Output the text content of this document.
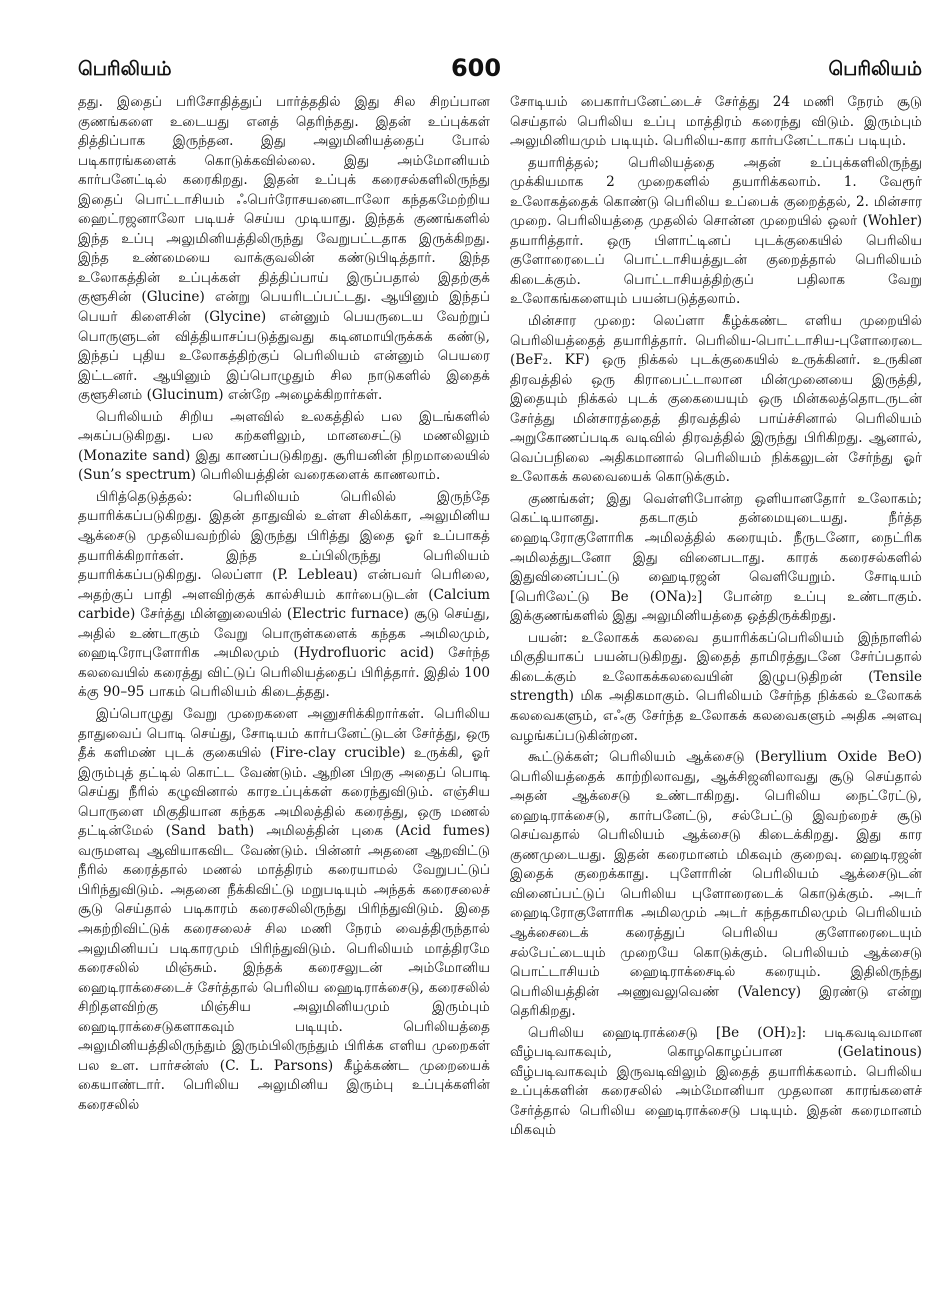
பெரிலியம்	600	பெரிலியம்

தது. இதைப் பரிசோதித்துப் பார்த்ததில் இது சில சிறப்பான குணங்களை உடையது எனத் தெரிந்தது. இதன் உப்புக்கள் தித்திப்பாக இருந்தன. இது அலுமினியத்தைப் போல் படிகாரங்களைக் கொடுக்கவில்லை. இது அம்மோனியம் கார்பனேட்டில் கரைகிறது. இதன் உப்புக் கரைசல்களிலிருந்து இதைப் பொட்டாசியம் ஃபெர்ரோசயனைடாலோ கந்தகமேற்றிய ஹைட்ரஜனாலோ படியச் செய்ய முடியாது. இந்தக் குணங்களில் இந்த உப்பு அலுமினியத்திலிருந்து வேறுபட்டதாக இருக்கிறது. இந்த உண்மையை வாக்குவலின் கண்டுபிடித்தார். இந்த உலோகத்தின் உப்புக்கள் தித்திப்பாய் இருப்பதால் இதற்குக் குளூசின் (Glucine) என்று பெயரிடப்பட்டது. ஆயினும் இந்தப் பெயர் கிளைசின் (Glycine) என்னும் பெயருடைய வேற்றுப் பொருளுடன் வித்தியாசப்படுத்துவது கடினமாயிருக்கக் கண்டு, இந்தப் புதிய உலோகத்திற்குப் பெரிலியம் என்னும் பெயரை இட்டனர். ஆயினும் இப்பொழுதும் சில நாடுகளில் இதைக் குளூசினம் (Glucinum) என்றே அழைக்கிறார்கள்.

பெரிலியம் சிறிய அளவில் உலகத்தில் பல இடங்களில் அகப்படுகிறது. பல கற்களிலும், மானசைட்டு மணலிலும் (Monazite sand) இது காணப்படுகிறது. சூரியனின் நிறமாலையில் (Sun’s spectrum) பெரிலியத்தின் வரைகளைக் காணலாம்.

பிரித்தெடுத்தல்: பெரிலியம் பெரிலில் இருந்தே தயாரிக்கப்படுகிறது. இதன் தாதுவில் உள்ள சிலிக்கா, அலுமினிய ஆக்சைடு முதலியவற்றில் இருந்து பிரித்து இதை ஓர் உப்பாகத் தயாரிக்கிறார்கள். இந்த உப்பிலிருந்து பெரிலியம் தயாரிக்கப்படுகிறது. லெப்ளா (P. Lebleau) என்பவர் பெரிலை, அதற்குப் பாதி அளவிற்குக் கால்சியம் கார்பைடுடன் (Calcium carbide) சேர்த்து மின்னுலையில் (Electric furnace) சூடு செய்து, அதில் உண்டாகும் வேறு பொருள்களைக் கந்தக அமிலமும், ஹைடிரோபுளோரிக அமிலமும் (Hydrofluoric acid) சேர்ந்த கலவையில் கரைத்து விட்டுப் பெரிலியத்தைப் பிரித்தார். இதில் 100 க்கு 90–95 பாகம் பெரிலியம் கிடைத்தது.

இப்பொழுது வேறு முறைகளை அனுசரிக்கிறார்கள். பெரிலிய தாதுவைப் பொடி செய்து, சோடியம் கார்பனேட்டுடன் சேர்த்து, ஒரு தீக் களிமண் புடக் குகையில் (Fire-clay crucible) உருக்கி, ஓர் இரும்புத் தட்டில் கொட்ட வேண்டும். ஆறின பிறகு அதைப் பொடி செய்து நீரில் கழுவினால் காரஉப்புக்கள் கரைந்துவிடும். எஞ்சிய பொருளை மிகுதியான கந்தக அமிலத்தில் கரைத்து, ஒரு மணல் தட்டின்மேல் (Sand bath) அமிலத்தின் புகை (Acid fumes) வருமளவு ஆவியாகவிட வேண்டும். பின்னர் அதனை ஆறவிட்டு நீரில் கரைத்தால் மணல் மாத்திரம் கரையாமல் வேறுபட்டுப் பிரிந்துவிடும். அதனை நீக்கிவிட்டு மறுபடியும் அந்தக் கரைசலைச் சூடு செய்தால் படிகாரம் கரைசலிலிருந்து பிரிந்துவிடும். இதை அகற்றிவிட்டுக் கரைசலைச் சில மணி நேரம் வைத்திருந்தால் அலுமினியப் படிகாரமும் பிரிந்துவிடும். பெரிலியம் மாத்திரமே கரைசலில் மிஞ்சும். இந்தக் கரைசலுடன் அம்மோனிய ஹைடிராக்சைடைச் சேர்த்தால் பெரிலிய ஹைடிராக்சைடு, கரைசலில் சிறிதளவிற்கு மிஞ்சிய அலுமினியமும் இரும்பும் ஹைடிராக்சைடுகளாகவும் படியும். பெரிலியத்தை அலுமினியத்திலிருந்தும் இரும்பிலிருந்தும் பிரிக்க எளிய முறைகள் பல உள. பார்சன்ஸ் (C. L. Parsons) கீழ்க்கண்ட முறையைக் கையாண்டார். பெரிலிய அலுமினிய இரும்பு உப்புக்களின் கரைசலில்

சோடியம் பைகார்பனேட்டைச் சேர்த்து 24 மணி நேரம் சூடு செய்தால் பெரிலிய உப்பு மாத்திரம் கரைந்து விடும். இரும்பும் அலுமினியமும் படியும். பெரிலிய-கார கார்பனேட்டாகப் படியும்.

தயாரித்தல்; பெரிலியத்தை அதன் உப்புக்களிலிருந்து முக்கியமாக 2 முறைகளில் தயாரிக்கலாம். 1. வேரூர் உலோகத்தைக் கொண்டு பெரிலிய உப்பைக் குறைத்தல், 2. மின்சார முறை. பெரிலியத்தை முதலில் சொன்ன முறையில் ஒலர் (Wohler) தயாரித்தார். ஒரு பிளாட்டினப் புடக்குகையில் பெரிலிய குளோரைடைப் பொட்டாசியத்துடன் குறைத்தால் பெரிலியம் கிடைக்கும். பொட்டாசியத்திற்குப் பதிலாக வேறு உலோகங்களையும் பயன்படுத்தலாம்.

மின்சார முறை: லெப்ளா கீழ்க்கண்ட எளிய முறையில் பெரிலியத்தைத் தயாரித்தார். பெரிலிய-பொட்டாசிய-புளோரைடை (BeF₂. KF) ஒரு நிக்கல் புடக்குகையில் உருக்கினர். உருகின திரவத்தில் ஒரு கிராபைட்டாலான மின்முனையை இருத்தி, இதையும் நிக்கல் புடக் குகையையும் ஒரு மின்கலத்தொடருடன் சேர்த்து மின்சாரத்தைத் திரவத்தில் பாய்ச்சினால் பெரிலியம் அறுகோணப்படிக வடிவில் திரவத்தில் இருந்து பிரிகிறது. ஆனால், வெப்பநிலை அதிகமானால் பெரிலியம் நிக்கலுடன் சேர்ந்து ஓர் உலோகக் கலவையைக் கொடுக்கும்.

குணங்கள்; இது வெள்ளிபோன்ற ஒளியானதோர் உலோகம்; கெட்டியானது. தகடாகும் தன்மையுடையது. நீர்த்த ஹைடிரோகுளோரிக அமிலத்தில் கரையும். நீருடனோ, நைட்ரிக அமிலத்துடனோ இது வினைபடாது. காரக் கரைசல்களில் இதுவினைப்பட்டு ஹைடிரஜன் வெளியேறும். சோடியம் [பெரிலேட்டு Be (ONa)₂] போன்ற உப்பு உண்டாகும். இக்குணங்களில் இது அலுமினியத்தை ஒத்திருக்கிறது.

பயன்: உலோகக் கலவை தயாரிக்கப்பெரிலியம் இந்நாளில் மிகுதியாகப் பயன்படுகிறது. இதைத் தாமிரத்துடனே சேர்ப்பதால் கிடைக்கும் உலோகக்கலவையின் இழுபடுதிறன் (Tensile strength) மிக அதிகமாகும். பெரிலியம் சேர்ந்த நிக்கல் உலோகக் கலவைகளும், எஃகு சேர்ந்த உலோகக் கலவைகளும் அதிக அளவு வழங்கப்படுகின்றன.

கூட்டுக்கள்; பெரிலியம் ஆக்சைடு (Beryllium Oxide BeO) பெரிலியத்தைக் காற்றிலாவது, ஆக்சிஜனிலாவது சூடு செய்தால் அதன் ஆக்சைடு உண்டாகிறது. பெரிலிய நைட்ரேட்டு, ஹைடிராக்சைடு, கார்பனேட்டு, சல்பேட்டு இவற்றைச் சூடு செய்வதால் பெரிலியம் ஆக்சைடு கிடைக்கிறது. இது கார குணமுடையது. இதன் கரைமானம் மிகவும் குறைவு. ஹைடிரஜன் இதைக் குறைக்காது. புளோரின் பெரிலியம் ஆக்சைடுடன் வினைப்பட்டுப் பெரிலிய புளோரைடைக் கொடுக்கும். அடர் ஹைடிரோகுளோரிக அமிலமும் அடர் கந்தகாமிலமும் பெரிலியம் ஆக்சைடைக் கரைத்துப் பெரிலிய குளோரைடையும் சல்பேட்டையும் முறையே கொடுக்கும். பெரிலியம் ஆக்சைடு பொட்டாசியம் ஹைடிராக்சைடில் கரையும். இதிலிருந்து பெரிலியத்தின் அணுவலுவெண் (Valency) இரண்டு என்று தெரிகிறது.

பெரிலிய ஹைடிராக்சைடு [Be (OH)₂]: படிகவடிவமான வீழ்படிவாகவும், கொழகொழப்பான (Gelatinous) வீழ்படிவாகவும் இருவடிவிலும் இதைத் தயாரிக்கலாம். பெரிலிய உப்புக்களின் கரைசலில் அம்மோனியா முதலான காரங்களைச் சேர்த்தால் பெரிலிய ஹைடிராக்சைடு படியும். இதன் கரைமானம் மிகவும்
